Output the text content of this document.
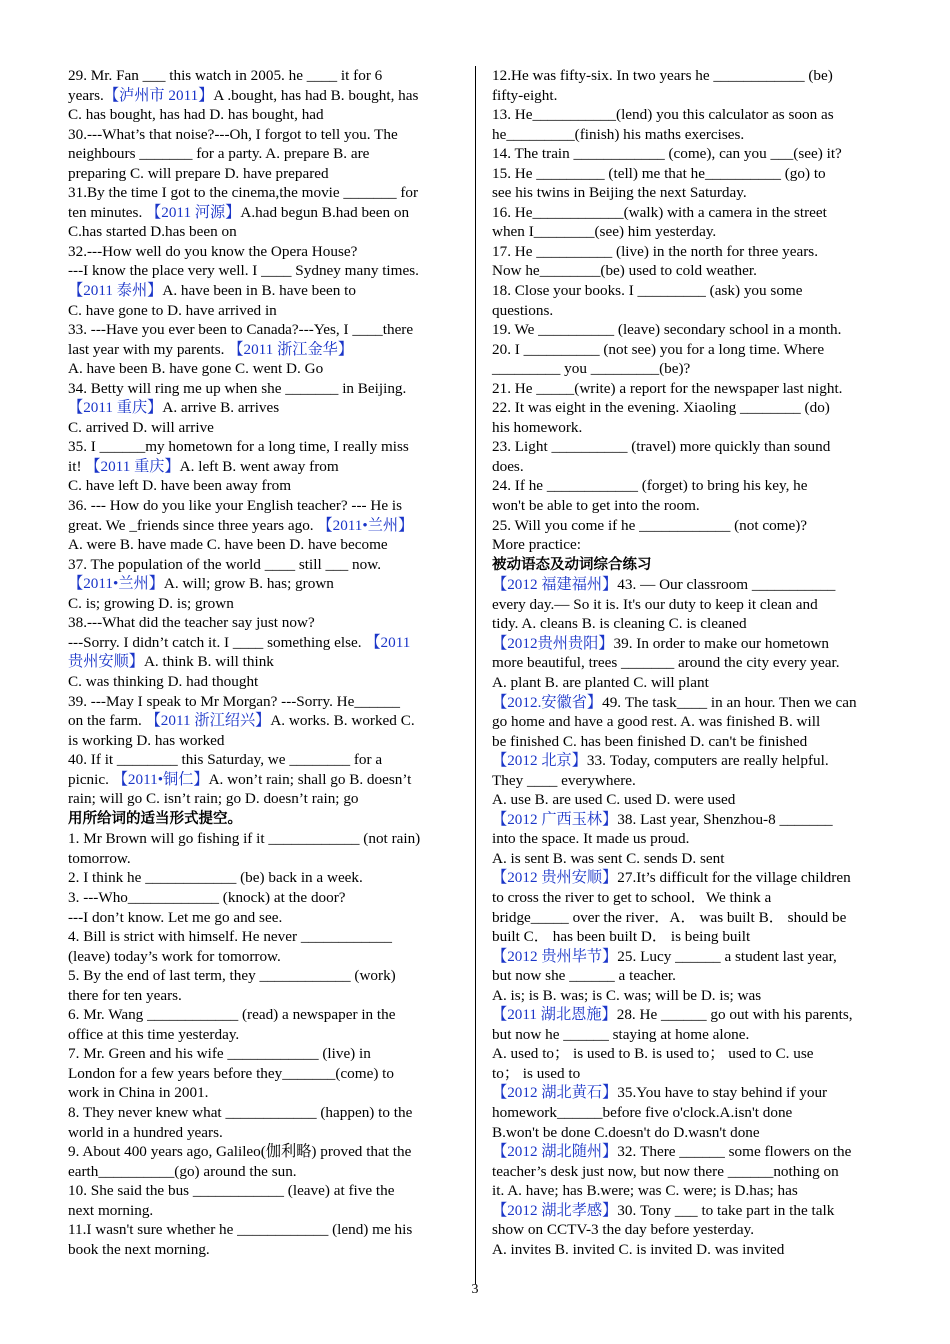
29. Mr. Fan ___ this watch in 2005. he ____ it for 6
years.【泸州市 2011】A .bought, has had B. bought, has
C. has bought, has had D. has bought, had
30.---What’s that noise?---Oh, I forgot to tell you. The
neighbours _______ for a party. A. prepare B. are
preparing C. will prepare D. have prepared
31.By the time I got to the cinema,the movie _______ for
ten minutes. 【2011 河源】A.had begun B.had been on
C.has started D.has been on
32.---How well do you know the Opera House?
---I know the place very well. I ____ Sydney many times.
【2011 泰州】A. have been in B. have been to
C. have gone to D. have arrived in
33. ---Have you ever been to Canada?---Yes, I ____there
last year with my parents. 【2011 浙江金华】
A. have been B. have gone C. went D. Go
34. Betty will ring me up when she _______ in Beijing.
【2011 重庆】A. arrive B. arrives
C. arrived D. will arrive
35. I ______my hometown for a long time, I really miss
it! 【2011 重庆】A. left B. went away from
C. have left D. have been away from
36. --- How do you like your English teacher? --- He is
great. We _friends since three years ago. 【2011•兰州】
A. were B. have made C. have been D. have become
37. The population of the world ____ still ___ now.
【2011•兰州】A. will; grow B. has; grown
C. is; growing D. is; grown
38.---What did the teacher say just now?
---Sorry. I didn’t catch it. I ____ something else. 【2011
贵州安顺】A. think B. will think
C. was thinking D. had thought
39. ---May I speak to Mr Morgan? ---Sorry. He______
on the farm. 【2011 浙江绍兴】A. works. B. worked C.
is working D. has worked
40. If it ________ this Saturday, we ________ for a
picnic. 【2011•铜仁】A. won’t rain; shall go B. doesn’t
rain; will go C. isn’t rain; go D. doesn’t rain; go
用所给词的适当形式提空。
1. Mr Brown will go fishing if it ____________ (not rain)
tomorrow.
2. I think he ____________ (be) back in a week.
3. ---Who____________ (knock) at the door?
---I don’t know. Let me go and see.
4. Bill is strict with himself. He never ____________
(leave) today’s work for tomorrow.
5. By the end of last term, they ____________ (work)
there for ten years.
6. Mr. Wang ____________ (read) a newspaper in the
office at this time yesterday.
7. Mr. Green and his wife ____________ (live) in
London for a few years before they_______(come) to
work in China in 2001.
8. They never knew what ____________ (happen) to the
world in a hundred years.
9. About 400 years ago, Galileo(伽利略) proved that the
earth__________(go) around the sun.
10. She said the bus ____________ (leave) at five the
next morning.
11.I wasn't sure whether he ____________ (lend) me his
book the next morning.
12.He was fifty-six. In two years he ____________ (be)
fifty-eight.
13. He___________(lend) you this calculator as soon as
he_________(finish) his maths exercises.
14. The train ____________ (come), can you ___(see) it?
15. He _________ (tell) me that he__________ (go) to
see his twins in Beijing the next Saturday.
16. He____________(walk) with a camera in the street
when I________(see) him yesterday.
17. He __________ (live) in the north for three years.
Now he________(be) used to cold weather.
18. Close your books. I _________ (ask) you some
questions.
19. We __________ (leave) secondary school in a month.
20. I __________ (not see) you for a long time. Where
_________ you _________(be)?
21. He _____(write) a report for the newspaper last night.
22. It was eight in the evening. Xiaoling ________ (do)
his homework.
23. Light __________ (travel) more quickly than sound
does.
24. If he ____________ (forget) to bring his key, he
won't be able to get into the room.
25. Will you come if he ____________ (not come)?
More practice:
被动语态及动词综合练习
【2012 福建福州】43. — Our classroom ___________
every day.— So it is. It's our duty to keep it clean and
tidy. A. cleans B. is cleaning C. is cleaned
【2012贵州贵阳】39. In order to make our hometown
more beautiful, trees _______ around the city every year.
A. plant B. are planted C. will plant
【2012.安徽省】49. The task____ in an hour. Then we can
go home and have a good rest. A. was finished B. will
be finished C. has been finished D. can't be finished
【2012 北京】33. Today, computers are really helpful.
They ____ everywhere.
A. use B. are used C. used D. were used
【2012 广西玉林】38. Last year, Shenzhou-8 _______
into the space. It made us proud.
A. is sent B. was sent C. sends D. sent
【2012 贵州安顺】27.It’s difficult for the village children
to cross the river to get to school．We think a
bridge_____ over the river．A． was built B． should be
built C． has been built D． is being built
【2012 贵州毕节】25. Lucy ______ a student last year,
but now she ______ a teacher.
A. is; is B. was; is C. was; will be D. is; was
【2011 湖北恩施】28. He ______ go out with his parents,
but now he ______ staying at home alone.
A. used to； is used to B. is used to； used to C. use
to； is used to
【2012 湖北黄石】35.You have to stay behind if your
homework______before five o'clock.A.isn't done
B.won't be done C.doesn't do D.wasn't done
【2012 湖北随州】32. There ______ some flowers on the
teacher’s desk just now, but now there ______nothing on
it. A. have; has B.were; was C. were; is D.has; has
【2012 湖北孝感】30. Tony ___ to take part in the talk
show on CCTV-3 the day before yesterday.
A. invites B. invited C. is invited D. was invited
3
